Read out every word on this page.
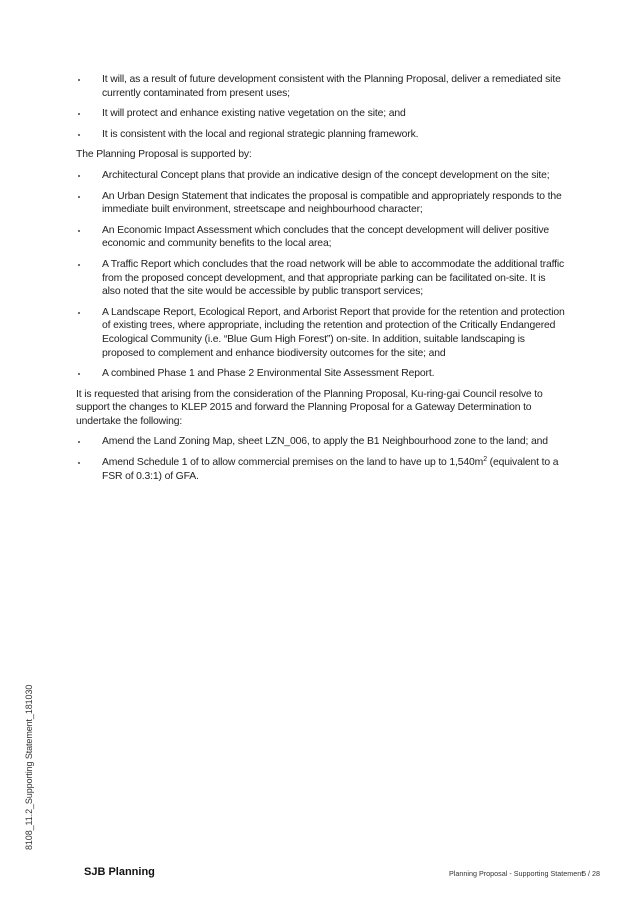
It will, as a result of future development consistent with the Planning Proposal, deliver a remediated site currently contaminated from present uses;
It will protect and enhance existing native vegetation on the site; and
It is consistent with the local and regional strategic planning framework.

The Planning Proposal is supported by:

Architectural Concept plans that provide an indicative design of the concept development on the site;
An Urban Design Statement that indicates the proposal is compatible and appropriately responds to the immediate built environment, streetscape and neighbourhood character;
An Economic Impact Assessment which concludes that the concept development will deliver positive economic and community benefits to the local area;
A Traffic Report which concludes that the road network will be able to accommodate the additional traffic from the proposed concept development, and that appropriate parking can be facilitated on-site. It is also noted that the site would be accessible by public transport services;
A Landscape Report, Ecological Report, and Arborist Report that provide for the retention and protection of existing trees, where appropriate, including the retention and protection of the Critically Endangered Ecological Community (i.e. “Blue Gum High Forest”) on-site. In addition, suitable landscaping is proposed to complement and enhance biodiversity outcomes for the site; and
A combined Phase 1 and Phase 2 Environmental Site Assessment Report.

It is requested that arising from the consideration of the Planning Proposal, Ku-ring-gai Council resolve to support the changes to KLEP 2015 and forward the Planning Proposal for a Gateway Determination to undertake the following:

Amend the Land Zoning Map, sheet LZN_006, to apply the B1 Neighbourhood zone to the land; and
Amend Schedule 1 of to allow commercial premises on the land to have up to $1,540m^2$ (equivalent to a FSR of 0.3:1) of GFA.
8108_11.2_Supporting Statement_181030
SJB Planning	Planning Proposal - Supporting Statement
5 / 28
